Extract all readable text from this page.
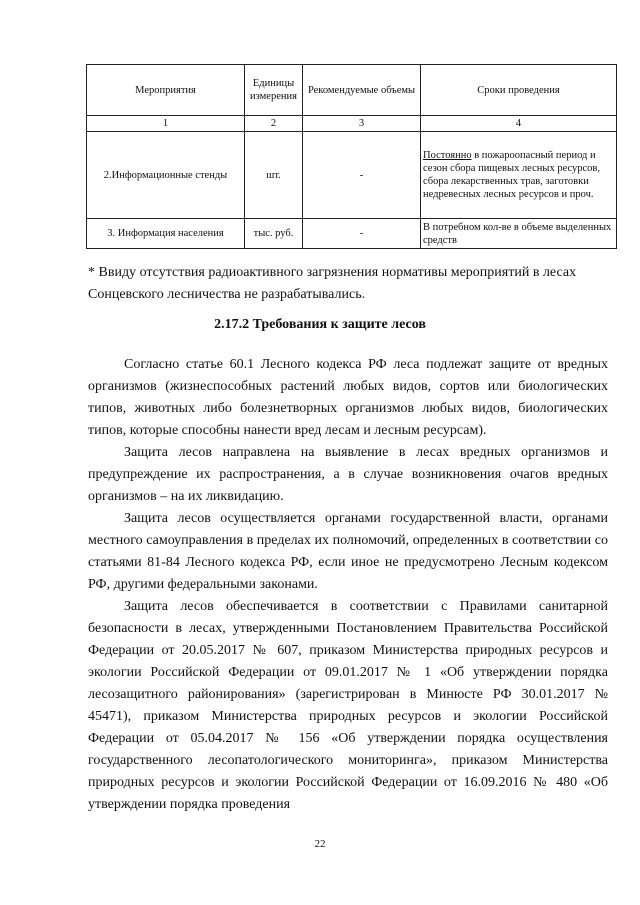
Мероприятия	Единицы измерения	Рекомендуемые объемы	Сроки проведения
1	2	3	4
2.Информационные стенды	шт.	-	Постоянно в пожароопасный период и сезон сбора пищевых лесных ресурсов, сбора лекарственных трав, заготовки недревесных лесных ресурсов и проч.
3. Информация населения	тыс. руб.	-	В потребном кол-ве в объеме выделенных средств

* Ввиду отсутствия радиоактивного загрязнения нормативы мероприятий в лесах Сонцевского лесничества не разрабатывались.

2.17.2 Требования к защите лесов

Согласно статье 60.1 Лесного кодекса РФ леса подлежат защите от вредных организмов (жизнеспособных растений любых видов, сортов или биологических типов, животных либо болезнетворных организмов любых видов, биологических типов, которые способны нанести вред лесам и лесным ресурсам).

Защита лесов направлена на выявление в лесах вредных организмов и предупреждение их распространения, а в случае возникновения очагов вредных организмов – на их ликвидацию.

Защита лесов осуществляется органами государственной власти, органами местного самоуправления в пределах их полномочий, определенных в соответствии со статьями 81-84 Лесного кодекса РФ, если иное не предусмотрено Лесным кодексом РФ, другими федеральными законами.

Защита лесов обеспечивается в соответствии с Правилами санитарной безопасности в лесах, утвержденными Постановлением Правительства Российской Федерации от 20.05.2017 № 607, приказом Министерства природных ресурсов и экологии Российской Федерации от 09.01.2017 № 1 «Об утверждении порядка лесозащитного районирования» (зарегистрирован в Минюсте РФ 30.01.2017 № 45471), приказом Министерства природных ресурсов и экологии Российской Федерации от 05.04.2017 № 156 «Об утверждении порядка осуществления государственного лесопатологического мониторинга», приказом Министерства природных ресурсов и экологии Российской Федерации от 16.09.2016 № 480 «Об утверждении порядка проведения

22
